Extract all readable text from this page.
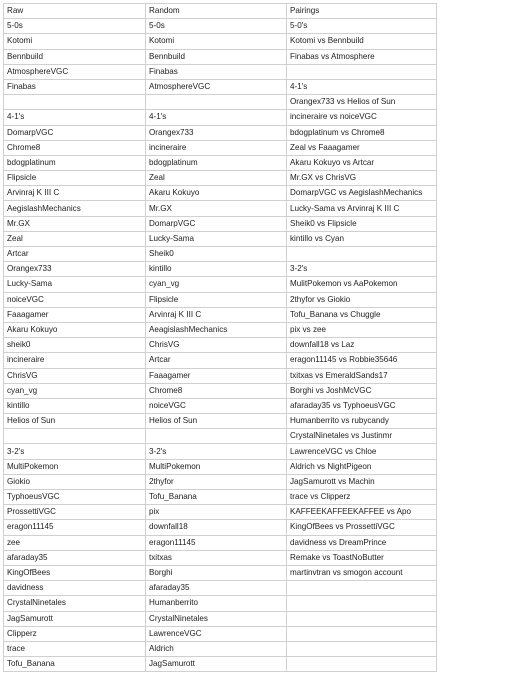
Raw	Random	Pairings
5-0s	5-0s	5-0's
Kotomi	Kotomi	Kotomi vs Bennbuild
Bennbuild	Bennbuild	Finabas vs Atmosphere
AtmosphereVGC	Finabas	
Finabas	AtmosphereVGC	4-1's
		Orangex733 vs Helios of Sun
4-1's	4-1's	incineraire vs noiceVGC
DomarpVGC	Orangex733	bdogplatinum vs Chrome8
Chrome8	incineraire	Zeal vs Faaagamer
bdogplatinum	bdogplatinum	Akaru Kokuyo vs Artcar
Flipsicle	Zeal	Mr.GX vs ChrisVG
Arvinraj K III C	Akaru Kokuyo	DomarpVGC vs AegislashMechanics
AegislashMechanics	Mr.GX	Lucky-Sama vs Arvinraj K III C
Mr.GX	DomarpVGC	Sheik0 vs Flipsicle
Zeal	Lucky-Sama	kintillo vs Cyan
Artcar	Sheik0	
Orangex733	kintillo	3-2's
Lucky-Sama	cyan_vg	MulitPokemon vs AaPokemon
noiceVGC	Flipsicle	2thyfor vs Giokio
Faaagamer	Arvinraj K III C	Tofu_Banana vs Chuggle
Akaru Kokuyo	AeagislashMechanics	pix vs zee
sheik0	ChrisVG	downfall18 vs Laz
incineraire	Artcar	eragon11145 vs Robbie35646
ChrisVG	Faaagamer	txitxas vs EmeraldSands17
cyan_vg	Chrome8	Borghi vs JoshMcVGC
kintillo	noiceVGC	afaraday35 vs TyphoeusVGC
Helios of Sun	Helios of Sun	Humanberrito vs rubycandy
		CrystalNinetales vs Justinmr
3-2's	3-2's	LawrenceVGC vs Chloe
MultiPokemon	MultiPokemon	Aldrich vs NightPigeon
Giokio	2thyfor	JagSamurott vs Machin
TyphoeusVGC	Tofu_Banana	trace vs Clipperz
ProssettiVGC	pix	KAFFEEKAFFEEKAFFEE vs Apo
eragon11145	downfall18	KingOfBees vs ProssettiVGC
zee	eragon11145	davidness vs DreamPrince
afaraday35	txitxas	Remake vs ToastNoButter
KingOfBees	Borghi	martinvtran vs smogon account
davidness	afaraday35	
CrystalNinetales	Humanberrito	
JagSamurott	CrystalNinetales	
Clipperz	LawrenceVGC	
trace	Aldrich	
Tofu_Banana	JagSamurott	
